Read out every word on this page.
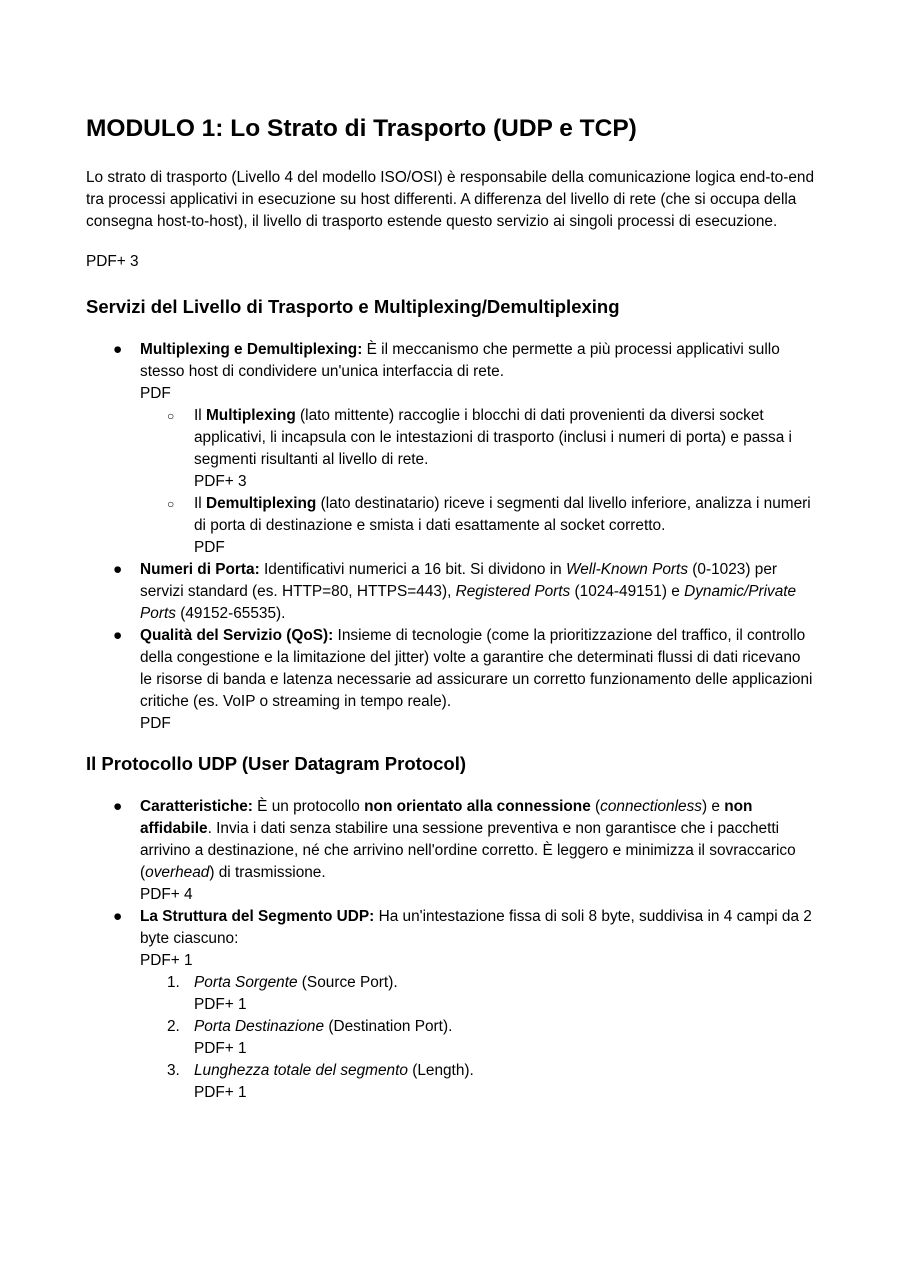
MODULO 1: Lo Strato di Trasporto (UDP e TCP)

Lo strato di trasporto (Livello 4 del modello ISO/OSI) è responsabile della comunicazione logica end-to-end tra processi applicativi in esecuzione su host differenti. A differenza del livello di rete (che si occupa della consegna host-to-host), il livello di trasporto estende questo servizio ai singoli processi di esecuzione.

PDF+ 3

Servizi del Livello di Trasporto e Multiplexing/Demultiplexing
● Multiplexing e Demultiplexing: È il meccanismo che permette a più processi applicativi sullo stesso host di condividere un'unica interfaccia di rete.
PDF
○ Il Multiplexing (lato mittente) raccoglie i blocchi di dati provenienti da diversi socket applicativi, li incapsula con le intestazioni di trasporto (inclusi i numeri di porta) e passa i segmenti risultanti al livello di rete.
PDF+ 3
○ Il Demultiplexing (lato destinatario) riceve i segmenti dal livello inferiore, analizza i numeri di porta di destinazione e smista i dati esattamente al socket corretto.
PDF
● Numeri di Porta: Identificativi numerici a 16 bit. Si dividono in Well-Known Ports (0-1023) per servizi standard (es. HTTP=80, HTTPS=443), Registered Ports (1024-49151) e Dynamic/Private Ports (49152-65535).
● Qualità del Servizio (QoS): Insieme di tecnologie (come la prioritizzazione del traffico, il controllo della congestione e la limitazione del jitter) volte a garantire che determinati flussi di dati ricevano le risorse di banda e latenza necessarie ad assicurare un corretto funzionamento delle applicazioni critiche (es. VoIP o streaming in tempo reale).
PDF
Il Protocollo UDP (User Datagram Protocol)
● Caratteristiche: È un protocollo non orientato alla connessione (connectionless) e non affidabile. Invia i dati senza stabilire una sessione preventiva e non garantisce che i pacchetti arrivino a destinazione, né che arrivino nell'ordine corretto. È leggero e minimizza il sovraccarico (overhead) di trasmissione.
PDF+ 4
● La Struttura del Segmento UDP: Ha un'intestazione fissa di soli 8 byte, suddivisa in 4 campi da 2 byte ciascuno:
PDF+ 1
1. Porta Sorgente (Source Port).
PDF+ 1
2. Porta Destinazione (Destination Port).
PDF+ 1
3. Lunghezza totale del segmento (Length).
PDF+ 1
